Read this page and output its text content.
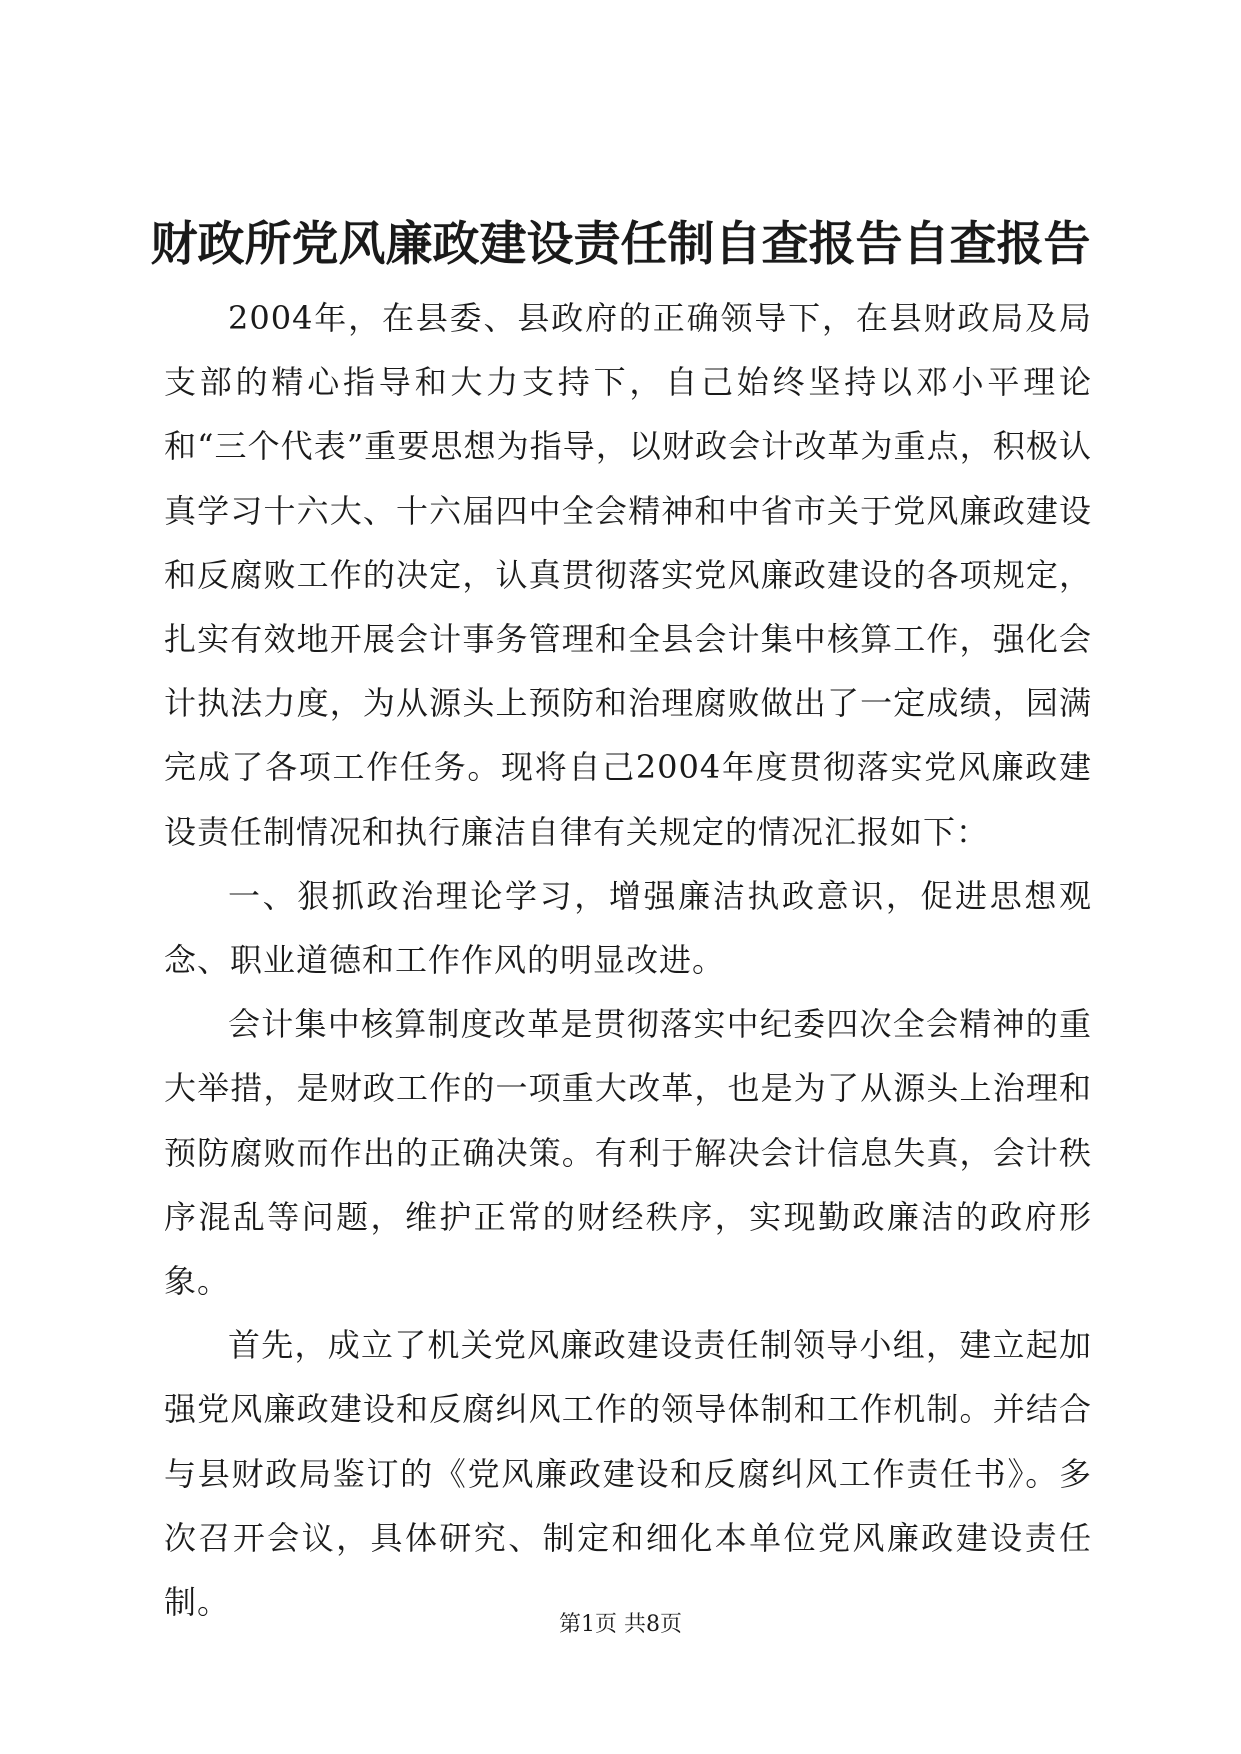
财政所党风廉政建设责任制自查报告自查报告

2004年，在县委、县政府的正确领导下，在县财政局及局支部的精心指导和大力支持下，自己始终坚持以邓小平理论和“三个代表”重要思想为指导，以财政会计改革为重点，积极认真学习十六大、十六届四中全会精神和中省市关于党风廉政建设和反腐败工作的决定，认真贯彻落实党风廉政建设的各项规定，扎实有效地开展会计事务管理和全县会计集中核算工作，强化会计执法力度，为从源头上预防和治理腐败做出了一定成绩，园满完成了各项工作任务。现将自己2004年度贯彻落实党风廉政建设责任制情况和执行廉洁自律有关规定的情况汇报如下：

一、狠抓政治理论学习，增强廉洁执政意识，促进思想观念、职业道德和工作作风的明显改进。

会计集中核算制度改革是贯彻落实中纪委四次全会精神的重大举措，是财政工作的一项重大改革，也是为了从源头上治理和预防腐败而作出的正确决策。有利于解决会计信息失真，会计秩序混乱等问题，维护正常的财经秩序，实现勤政廉洁的政府形象。

首先，成立了机关党风廉政建设责任制领导小组，建立起加强党风廉政建设和反腐纠风工作的领导体制和工作机制。并结合与县财政局鉴订的《党风廉政建设和反腐纠风工作责任书》。多次召开会议，具体研究、制定和细化本单位党风廉政建设责任制。

第1页 共8页
